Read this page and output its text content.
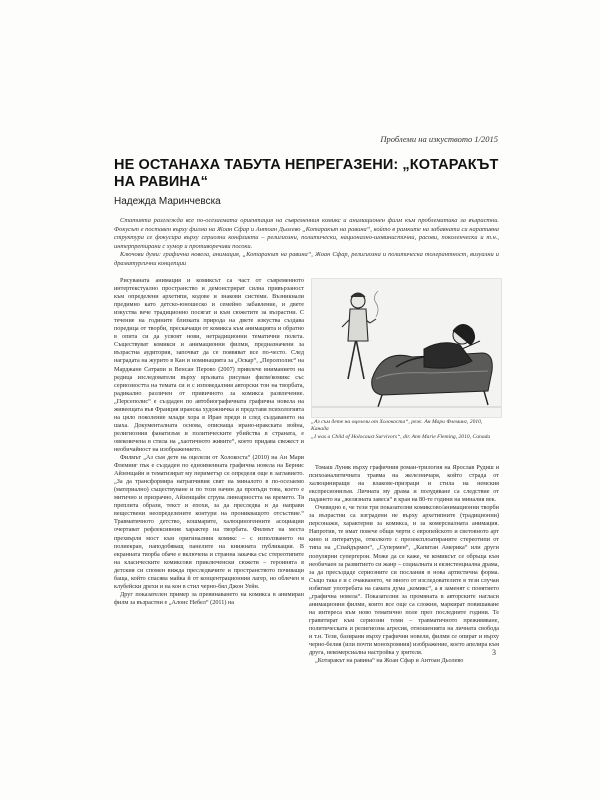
Проблеми на изкуството 1/2015
НЕ ОСТАНАХА ТАБУТА НЕПРЕГАЗЕНИ: „КОТАРАКЪТ НА РАВИНА“
Надежда Маринчевска

Статията разглежда все по-осезаемата ориентация на съвременния комикс и анимационен филм към проблематика за възрастни. Фокусът е поставен върху филма на Жоан Сфар и Антоан Дьолево „Котаракът на равина“, който в рамките на забавната си наративна структура се фокусира върху сериозни конфликти – религиозни, политически, национално-шовинистични, расови, поколенчески и т.н., интерпретирани с хумор и противоречиви посоки.

Ключови думи: графична новела, анимация, „Котаракът на равина“, Жоан Сфар, религиозна и политическа толерантност, визуални и драматургични концепции

Рисуваната анимация и комиксът са част от съвременното интертекстуално пространство и демонстрират силна привързаност към определени архетипи, кодове и знакови системи. Възникнали предимно като детско-юношеско и семейно забавление, и двете изкуства вече традиционно посягат и към сюжетите за възрастни. С течение на годините близката природа на двете изкуства създава поредица от творби, прескачащи от комикса към анимацията и обратно в опита си да усвоят нови, нетрадиционни тематични полета. Съществуват комикси и анимационни филми, предназначени за възрастна аудитория, започват да се появяват все по-често. След наградата на журито в Кан и номинацията за „Оскар“, „Персеполис“ на Марджане Сатрапи и Венсан Перово (2007) привлече вниманието на редица изследователи върху връзката рисуван филм/комикс със сериозността на темата си и с изповедалния авторски тон на творбата, радикално различен от привичното за комикса развлечение. „Персеполис“ е създаден по автобиографичната графична новела на живеещата във Франция иранска художничка и представя психологията на цяло поколение млади хора в Иран преди и след създаването на шаха. Документалната основа, описваща ирано-иракската война, религиозния фанатизъм и политическите убийства в страната, е овековечена в стила на „хаотичното живите“, което придава свежест и необичайност на изображението.

Филмът „Аз съм дете на оцелели от Холокоста“ (2010) на Ан Мари Флеминг пък е създаден по едноименната графична новела на Бернис Айзенщайн и тематизират му периметър се определя още в заглавието. „За да трансформира натрапчивия свят на миналото в по-осезаемо (материално) съществуване и по този начин да пропъди това, което е митично и призрачно, Айзенщайн сгрува линеарността на времето. Тя преплита образи, текст и епохи, за да преследва и да направи веществени неопределените контури на проникващото отсъствие.“ Травматичното детство, кошмарите, халюциногенните асоциации очертават рефлексивния характер на творбата. Филмът на места прехвърля мост към оригиналния комикс – с използването на полиекран, наподобяващ панелите на книжната публикация. В екранната творба обаче е включена и странна закачка със стереотипите на класическите комиксови приключенски сюжети – героинята в детския си спомен вижда преследвачите и пространството почиващи баща, който спасява майка й от концентрационния лагер, но облечен в клубейски дрехи и на кон в стил черно-бял Джон Уейн.

Друг показателен пример за превинаването на комикса в анимиран филм за възрастни е „Алонс Небел“ (2011) на

„Аз съм дете на оцелели от Холокоста“, реж. Ан Мари Флеминг, 2010, Канада
„I was a Child of Holocaust Survivors“, dir. Ann Marie Fleming, 2010, Canada

Томаш Луняк върху графичния роман-трилогия на Ярослав Рудиш и психоаналитичната травма на железничаря, който страда от халюциниращи на влакове-призраци и стила на немския експресионизъм. Личната му драма и полудяване са следствие от падането на „желязната завеса“ в края на 80-те години на миналия век.

Очевидно е, че тези три показателни комиксово/анимационни творби за възрастни са изградени не върху архетипните (традиционни) персонажи, характерни за комикса, и за комерсиалната анимация. Напротив, те имат повече общи черти с европейското и световното арт кино и литература, отколкото с презексплоатираните стереотипи от типа на „Спайдърмен“, „Супермен“, „Капитан Америка“ или други популярни супергерои. Може да се каже, че комиксът се обръща към необичаен за развитието си жанр – социалната и екзистенциална драма, за да пресъздаде сериозните си послания в нова артистична форма. Също така е и с очакването, че много от изследователите в тези случаи избягват употребата на самата дума „комикс“, а я заменят с понятието „графична новела“. Показателни за промяната в авторските нагласи анимационни филми, които все още са сложни, маркират повишаване на интереса към ново тематично поле през последните години. Те гравитират към сериозни теми – травматичното преживяване, политическата и религиозна агресия, отношенията на личната свобода и т.н. Тези, базирани върху графични новели, филми се опират и върху черно-белия (или почти монохромния) изображение, което апелира към друга, некомерсиална настройка у зрителя.

„Котаракът на равина“ на Жоан Сфар и Антоан Дьолево

3
